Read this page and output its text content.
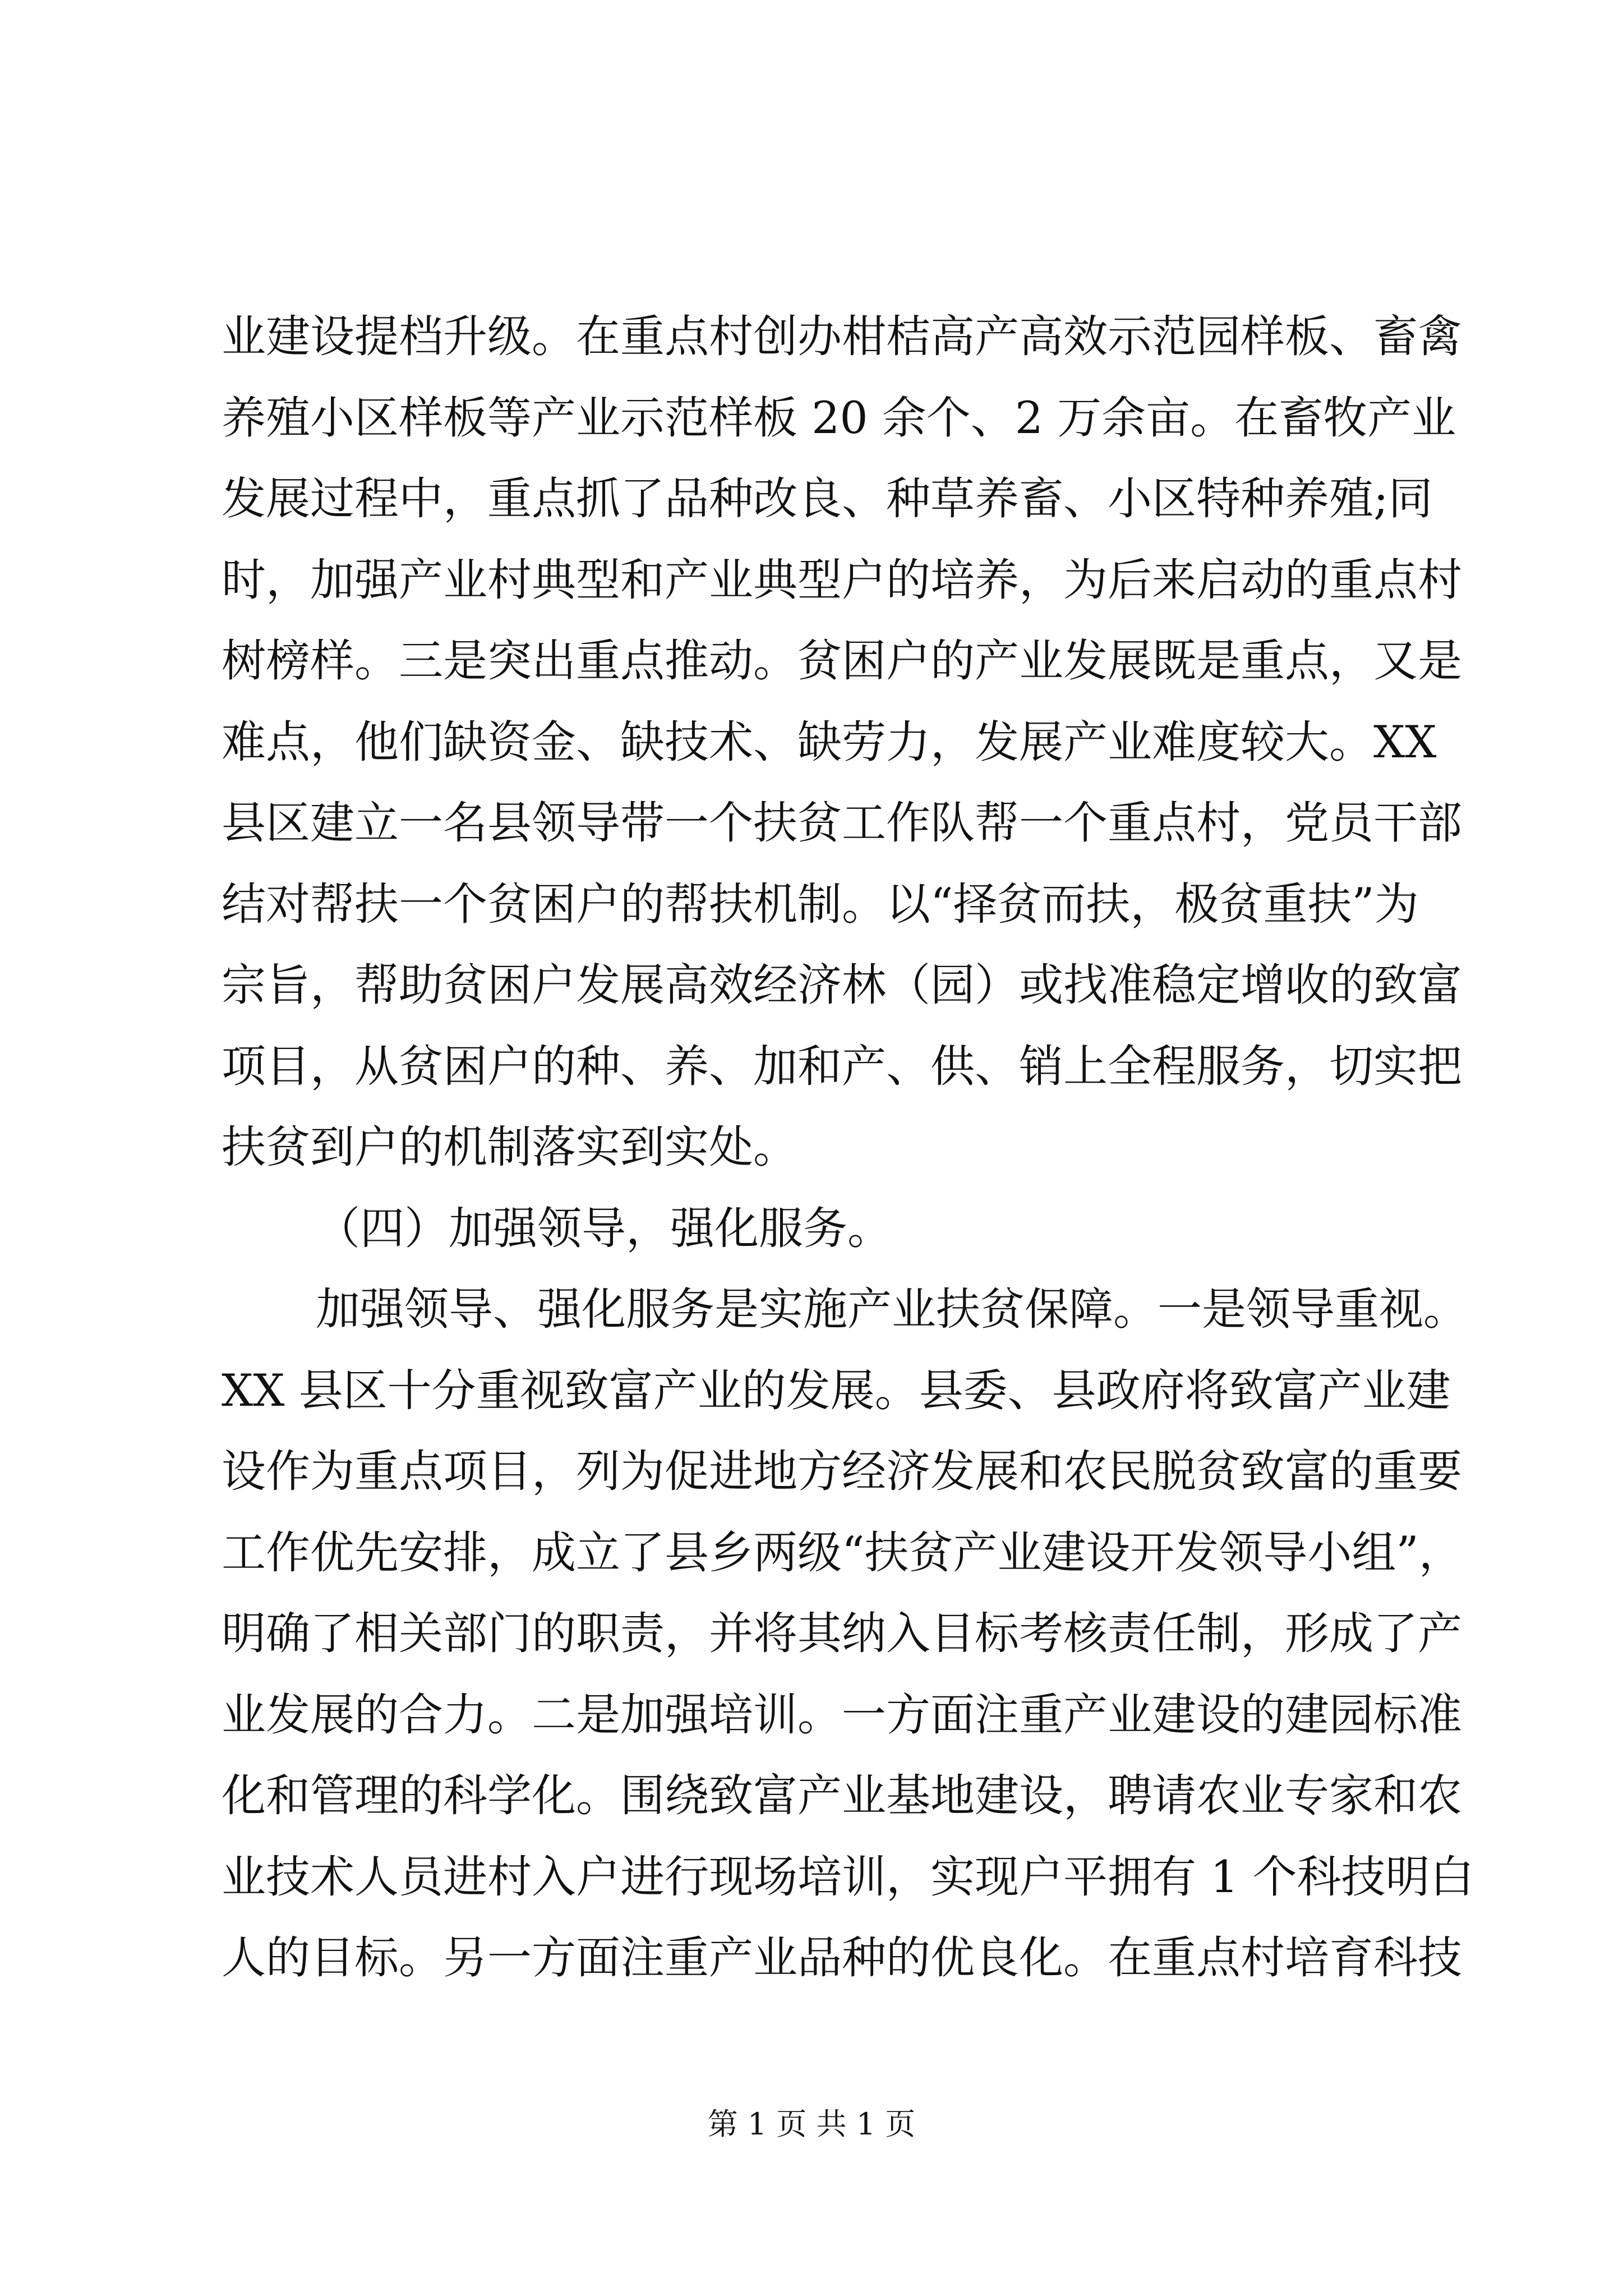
业建设提档升级。在重点村创办柑桔高产高效示范园样板、畜禽
养殖小区样板等产业示范样板 20 余个、2 万余亩。在畜牧产业
发展过程中，重点抓了品种改良、种草养畜、小区特种养殖;同
时，加强产业村典型和产业典型户的培养，为后来启动的重点村
树榜样。三是突出重点推动。贫困户的产业发展既是重点，又是
难点，他们缺资金、缺技术、缺劳力，发展产业难度较大。XX
县区建立一名县领导带一个扶贫工作队帮一个重点村，党员干部
结对帮扶一个贫困户的帮扶机制。以“择贫而扶，极贫重扶”为
宗旨，帮助贫困户发展高效经济林（园）或找准稳定增收的致富
项目，从贫困户的种、养、加和产、供、销上全程服务，切实把
扶贫到户的机制落实到实处。
（四）加强领导，强化服务。
加强领导、强化服务是实施产业扶贫保障。一是领导重视。
XX 县区十分重视致富产业的发展。县委、县政府将致富产业建
设作为重点项目，列为促进地方经济发展和农民脱贫致富的重要
工作优先安排，成立了县乡两级“扶贫产业建设开发领导小组”，
明确了相关部门的职责，并将其纳入目标考核责任制，形成了产
业发展的合力。二是加强培训。一方面注重产业建设的建园标准
化和管理的科学化。围绕致富产业基地建设，聘请农业专家和农
业技术人员进村入户进行现场培训，实现户平拥有 1 个科技明白
人的目标。另一方面注重产业品种的优良化。在重点村培育科技
第 1 页 共 1 页
